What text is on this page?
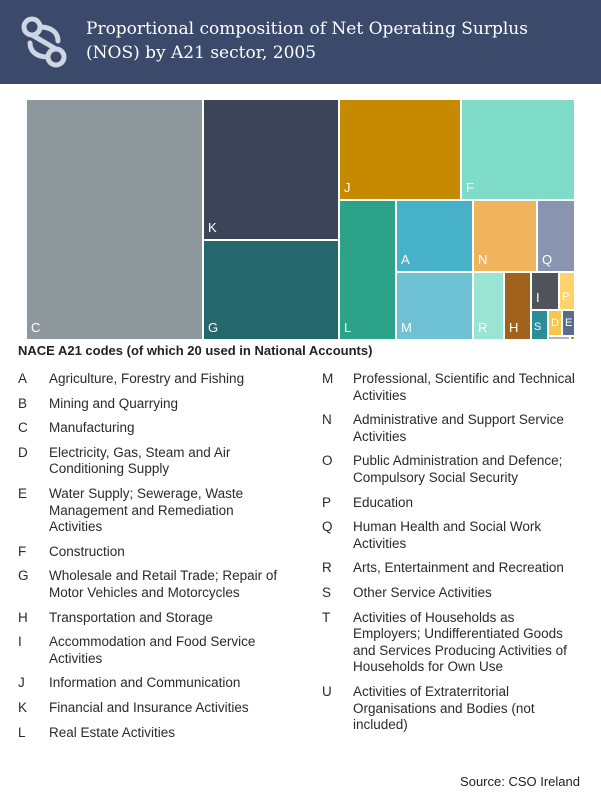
Proportional composition of Net Operating Surplus (NOS) by A21 sector, 2005
C
K
G
J	F
L
A
M
N	Q
R H
I P
S D E
NACE A21 codes (of which 20 used in National Accounts)
A	Agriculture, Forestry and Fishing
B	Mining and Quarrying
C	Manufacturing
D	Electricity, Gas, Steam and Air Conditioning Supply
E	Water Supply; Sewerage, Waste Management and Remediation Activities
F	Construction
G	Wholesale and Retail Trade; Repair of Motor Vehicles and Motorcycles
H	Transportation and Storage
I	Accommodation and Food Service Activities
J	Information and Communication
K	Financial and Insurance Activities
L	Real Estate Activities
M	Professional, Scientific and Technical Activities
N	Administrative and Support Service Activities
O	Public Administration and Defence; Compulsory Social Security
P	Education
Q	Human Health and Social Work Activities
R	Arts, Entertainment and Recreation
S	Other Service Activities
T	Activities of Households as Employers; Undifferentiated Goods and Services Producing Activities of Households for Own Use
U	Activities of Extraterritorial Organisations and Bodies (not included)
Source: CSO Ireland
